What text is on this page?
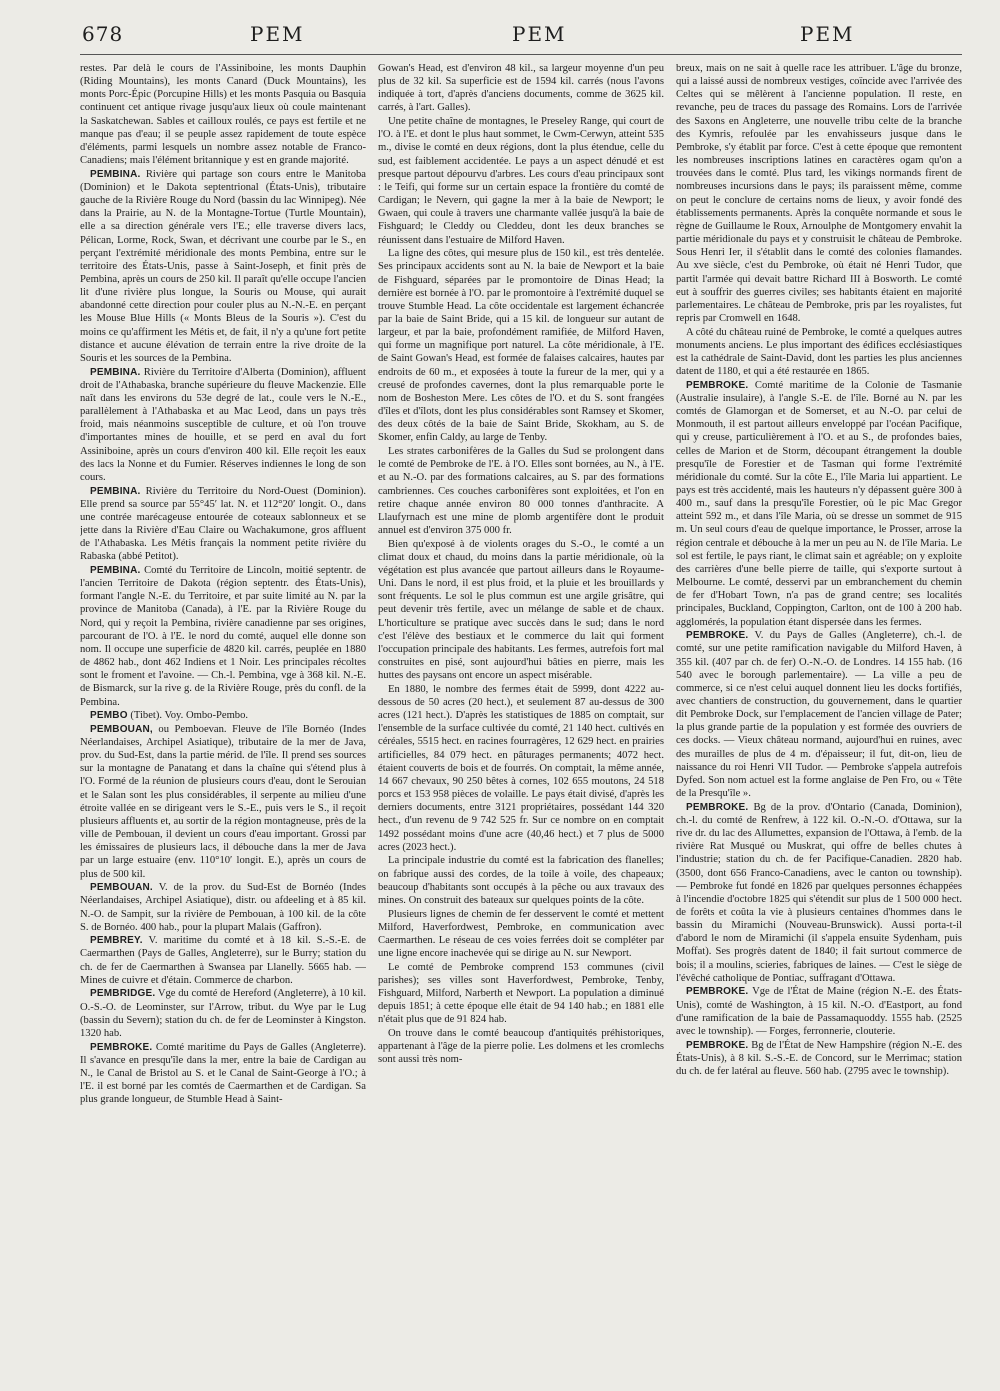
678	PEM	PEM	PEM

restes. Par delà le cours de l'Assiniboine, les monts Dauphin (Riding Mountains), les monts Canard (Duck Mountains), les monts Porc-Épic (Porcupine Hills) et les monts Pasquia ou Basquia continuent cet antique rivage jusqu'aux lieux où coule maintenant la Saskatchewan. Sables et cailloux roulés, ce pays est fertile et ne manque pas d'eau; il se peuple assez rapidement de toute espèce d'éléments, parmi lesquels un nombre assez notable de Franco-Canadiens; mais l'élément britannique y est en grande majorité.

PEMBINA. Rivière qui partage son cours entre le Manitoba (Dominion) et le Dakota septentrional (États-Unis), tributaire gauche de la Rivière Rouge du Nord (bassin du lac Winnipeg). Née dans la Prairie, au N. de la Montagne-Tortue (Turtle Mountain), elle a sa direction générale vers l'E.; elle traverse divers lacs, Pélican, Lorme, Rock, Swan, et décrivant une courbe par le S., en perçant l'extrémité méridionale des monts Pembina, entre sur le territoire des États-Unis, passe à Saint-Joseph, et finit près de Pembina, après un cours de 250 kil. Il paraît qu'elle occupe l'ancien lit d'une rivière plus longue, la Souris ou Mouse, qui aurait abandonné cette direction pour couler plus au N.-N.-E. en perçant les Mouse Blue Hills (« Monts Bleus de la Souris »). C'est du moins ce qu'affirment les Métis et, de fait, il n'y a qu'une fort petite distance et aucune élévation de terrain entre la rive droite de la Souris et les sources de la Pembina.

PEMBINA. Rivière du Territoire d'Alberta (Dominion), affluent droit de l'Athabaska, branche supérieure du fleuve Mackenzie. Elle naît dans les environs du 53e degré de lat., coule vers le N.-E., parallèlement à l'Athabaska et au Mac Leod, dans un pays très froid, mais néanmoins susceptible de culture, et où l'on trouve d'importantes mines de houille, et se perd en aval du fort Assiniboine, après un cours d'environ 400 kil. Elle reçoit les eaux des lacs la Nonne et du Fumier. Réserves indiennes le long de son cours.

PEMBINA. Rivière du Territoire du Nord-Ouest (Dominion). Elle prend sa source par 55°45′ lat. N. et 112°20′ longit. O., dans une contrée marécageuse entourée de coteaux sablonneux et se jette dans la Rivière d'Eau Claire ou Wachakumone, gros affluent de l'Athabaska. Les Métis français la nomment petite rivière du Rabaska (abbé Petitot).

PEMBINA. Comté du Territoire de Lincoln, moitié septentr. de l'ancien Territoire de Dakota (région septentr. des États-Unis), formant l'angle N.-E. du Territoire, et par suite limité au N. par la province de Manitoba (Canada), à l'E. par la Rivière Rouge du Nord, qui y reçoit la Pembina, rivière canadienne par ses origines, parcourant de l'O. à l'E. le nord du comté, auquel elle donne son nom. Il occupe une superficie de 4820 kil. carrés, peuplée en 1880 de 4862 hab., dont 462 Indiens et 1 Noir. Les principales récoltes sont le froment et l'avoine. — Ch.-l. Pembina, vge à 368 kil. N.-E. de Bismarck, sur la rive g. de la Rivière Rouge, près du confl. de la Pembina.

PEMBO (Tibet). Voy. Ombo-Pembo.

PEMBOUAN, ou Pemboevan. Fleuve de l'île Bornéo (Indes Néerlandaises, Archipel Asiatique), tributaire de la mer de Java, prov. du Sud-Est, dans la partie mérid. de l'île. Il prend ses sources sur la montagne de Panatang et dans la chaîne qui s'étend plus à l'O. Formé de la réunion de plusieurs cours d'eau, dont le Serouian et le Salan sont les plus considérables, il serpente au milieu d'une étroite vallée en se dirigeant vers le S.-E., puis vers le S., il reçoit plusieurs affluents et, au sortir de la région montagneuse, près de la ville de Pembouan, il devient un cours d'eau important. Grossi par les émissaires de plusieurs lacs, il débouche dans la mer de Java par un large estuaire (env. 110°10′ longit. E.), après un cours de plus de 500 kil.

PEMBOUAN. V. de la prov. du Sud-Est de Bornéo (Indes Néerlandaises, Archipel Asiatique), distr. ou afdeeling et à 85 kil. N.-O. de Sampit, sur la rivière de Pembouan, à 100 kil. de la côte S. de Bornéo. 400 hab., pour la plupart Malais (Gaffron).

PEMBREY. V. maritime du comté et à 18 kil. S.-S.-E. de Caermarthen (Pays de Galles, Angleterre), sur le Burry; station du ch. de fer de Caermarthen à Swansea par Llanelly. 5665 hab. — Mines de cuivre et d'étain. Commerce de charbon.

PEMBRIDGE. Vge du comté de Hereford (Angleterre), à 10 kil. O.-S.-O. de Leominster, sur l'Arrow, tribut. du Wye par le Lug (bassin du Severn); station du ch. de fer de Leominster à Kingston. 1320 hab.

PEMBROKE. Comté maritime du Pays de Galles (Angleterre). Il s'avance en presqu'île dans la mer, entre la baie de Cardigan au N., le Canal de Bristol au S. et le Canal de Saint-George à l'O.; à l'E. il est borné par les comtés de Caermarthen et de Cardigan. Sa plus grande longueur, de Stumble Head à Saint-

Gowan's Head, est d'environ 48 kil., sa largeur moyenne d'un peu plus de 32 kil. Sa superficie est de 1594 kil. carrés (nous l'avons indiquée à tort, d'après d'anciens documents, comme de 3625 kil. carrés, à l'art. Galles).

Une petite chaîne de montagnes, le Preseley Range, qui court de l'O. à l'E. et dont le plus haut sommet, le Cwm-Cerwyn, atteint 535 m., divise le comté en deux régions, dont la plus étendue, celle du sud, est faiblement accidentée. Le pays a un aspect dénudé et est presque partout dépourvu d'arbres. Les cours d'eau principaux sont : le Teifi, qui forme sur un certain espace la frontière du comté de Cardigan; le Nevern, qui gagne la mer à la baie de Newport; le Gwaen, qui coule à travers une charmante vallée jusqu'à la baie de Fishguard; le Cleddy ou Cleddeu, dont les deux branches se réunissent dans l'estuaire de Milford Haven.

La ligne des côtes, qui mesure plus de 150 kil., est très dentelée. Ses principaux accidents sont au N. la baie de Newport et la baie de Fishguard, séparées par le promontoire de Dinas Head; la dernière est bornée à l'O. par le promontoire à l'extrémité duquel se trouve Stumble Head. La côte occidentale est largement échancrée par la baie de Saint Bride, qui a 15 kil. de longueur sur autant de largeur, et par la baie, profondément ramifiée, de Milford Haven, qui forme un magnifique port naturel. La côte méridionale, à l'E. de Saint Gowan's Head, est formée de falaises calcaires, hautes par endroits de 60 m., et exposées à toute la fureur de la mer, qui y a creusé de profondes cavernes, dont la plus remarquable porte le nom de Bosheston Mere. Les côtes de l'O. et du S. sont frangées d'îles et d'îlots, dont les plus considérables sont Ramsey et Skomer, des deux côtés de la baie de Saint Bride, Skokham, au S. de Skomer, enfin Caldy, au large de Tenby.

Les strates carbonifères de la Galles du Sud se prolongent dans le comté de Pembroke de l'E. à l'O. Elles sont bornées, au N., à l'E. et au N.-O. par des formations calcaires, au S. par des formations cambriennes. Ces couches carbonifères sont exploitées, et l'on en retire chaque année environ 80 000 tonnes d'anthracite. A Llaufyrnach est une mine de plomb argentifère dont le produit annuel est d'environ 375 000 fr.

Bien qu'exposé à de violents orages du S.-O., le comté a un climat doux et chaud, du moins dans la partie méridionale, où la végétation est plus avancée que partout ailleurs dans le Royaume-Uni. Dans le nord, il est plus froid, et la pluie et les brouillards y sont fréquents. Le sol le plus commun est une argile grisâtre, qui peut devenir très fertile, avec un mélange de sable et de chaux. L'horticulture se pratique avec succès dans le sud; dans le nord c'est l'élève des bestiaux et le commerce du lait qui forment l'occupation principale des habitants. Les fermes, autrefois fort mal construites en pisé, sont aujourd'hui bâties en pierre, mais les huttes des paysans ont encore un aspect misérable.

En 1880, le nombre des fermes était de 5999, dont 4222 au-dessous de 50 acres (20 hect.), et seulement 87 au-dessus de 300 acres (121 hect.). D'après les statistiques de 1885 on comptait, sur l'ensemble de la surface cultivée du comté, 21 140 hect. cultivés en céréales, 5515 hect. en racines fourragères, 12 629 hect. en prairies artificielles, 84 079 hect. en pâturages permanents; 4072 hect. étaient couverts de bois et de fourrés. On comptait, la même année, 14 667 chevaux, 90 250 bêtes à cornes, 102 655 moutons, 24 518 porcs et 153 958 pièces de volaille. Le pays était divisé, d'après les derniers documents, entre 3121 propriétaires, possédant 144 320 hect., d'un revenu de 9 742 525 fr. Sur ce nombre on en comptait 1492 possédant moins d'une acre (40,46 hect.) et 7 plus de 5000 acres (2023 hect.).

La principale industrie du comté est la fabrication des flanelles; on fabrique aussi des cordes, de la toile à voile, des chapeaux; beaucoup d'habitants sont occupés à la pêche ou aux travaux des mines. On construit des bateaux sur quelques points de la côte.

Plusieurs lignes de chemin de fer desservent le comté et mettent Milford, Haverfordwest, Pembroke, en communication avec Caermarthen. Le réseau de ces voies ferrées doit se compléter par une ligne encore inachevée qui se dirige au N. sur Newport.

Le comté de Pembroke comprend 153 communes (civil parishes); ses villes sont Haverfordwest, Pembroke, Tenby, Fishguard, Milford, Narberth et Newport. La population a diminué depuis 1851; à cette époque elle était de 94 140 hab.; en 1881 elle n'était plus que de 91 824 hab.

On trouve dans le comté beaucoup d'antiquités préhistoriques, appartenant à l'âge de la pierre polie. Les dolmens et les cromlechs sont aussi très nom-

breux, mais on ne sait à quelle race les attribuer. L'âge du bronze, qui a laissé aussi de nombreux vestiges, coïncide avec l'arrivée des Celtes qui se mêlèrent à l'ancienne population. Il reste, en revanche, peu de traces du passage des Romains. Lors de l'arrivée des Saxons en Angleterre, une nouvelle tribu celte de la branche des Kymris, refoulée par les envahisseurs jusque dans le Pembroke, s'y établit par force. C'est à cette époque que remontent les nombreuses inscriptions latines en caractères ogam qu'on a trouvées dans le comté. Plus tard, les vikings normands firent de nombreuses incursions dans le pays; ils paraissent même, comme on peut le conclure de certains noms de lieux, y avoir fondé des établissements permanents. Après la conquête normande et sous le règne de Guillaume le Roux, Arnoulphe de Montgomery envahit la partie méridionale du pays et y construisit le château de Pembroke. Sous Henri Ier, il s'établit dans le comté des colonies flamandes. Au xve siècle, c'est du Pembroke, où était né Henri Tudor, que partit l'armée qui devait battre Richard III à Bosworth. Le comté eut à souffrir des guerres civiles; ses habitants étaient en majorité parlementaires. Le château de Pembroke, pris par les royalistes, fut repris par Cromwell en 1648.

A côté du château ruiné de Pembroke, le comté a quelques autres monuments anciens. Le plus important des édifices ecclésiastiques est la cathédrale de Saint-David, dont les parties les plus anciennes datent de 1180, et qui a été restaurée en 1865.

PEMBROKE. Comté maritime de la Colonie de Tasmanie (Australie insulaire), à l'angle S.-E. de l'île. Borné au N. par les comtés de Glamorgan et de Somerset, et au N.-O. par celui de Monmouth, il est partout ailleurs enveloppé par l'océan Pacifique, qui y creuse, particulièrement à l'O. et au S., de profondes baies, celles de Marion et de Storm, découpant étrangement la double presqu'île de Forestier et de Tasman qui forme l'extrémité méridionale du comté. Sur la côte E., l'île Maria lui appartient. Le pays est très accidenté, mais les hauteurs n'y dépassent guère 300 à 400 m., sauf dans la presqu'île Forestier, où le pic Mac Gregor atteint 592 m., et dans l'île Maria, où se dresse un sommet de 915 m. Un seul cours d'eau de quelque importance, le Prosser, arrose la région centrale et débouche à la mer un peu au N. de l'île Maria. Le sol est fertile, le pays riant, le climat sain et agréable; on y exploite des carrières d'une belle pierre de taille, qui s'exporte surtout à Melbourne. Le comté, desservi par un embranchement du chemin de fer d'Hobart Town, n'a pas de grand centre; ses localités principales, Buckland, Coppington, Carlton, ont de 100 à 200 hab. agglomérés, la population étant dispersée dans les fermes.

PEMBROKE. V. du Pays de Galles (Angleterre), ch.-l. de comté, sur une petite ramification navigable du Milford Haven, à 355 kil. (407 par ch. de fer) O.-N.-O. de Londres. 14 155 hab. (16 540 avec le borough parlementaire). — La ville a peu de commerce, si ce n'est celui auquel donnent lieu les docks fortifiés, avec chantiers de construction, du gouvernement, dans le quartier dit Pembroke Dock, sur l'emplacement de l'ancien village de Pater; la plus grande partie de la population y est formée des ouvriers de ces docks. — Vieux château normand, aujourd'hui en ruines, avec des murailles de plus de 4 m. d'épaisseur; il fut, dit-on, lieu de naissance du roi Henri VII Tudor. — Pembroke s'appela autrefois Dyfed. Son nom actuel est la forme anglaise de Pen Fro, ou « Tête de la Presqu'île ».

PEMBROKE. Bg de la prov. d'Ontario (Canada, Dominion), ch.-l. du comté de Renfrew, à 122 kil. O.-N.-O. d'Ottawa, sur la rive dr. du lac des Allumettes, expansion de l'Ottawa, à l'emb. de la rivière Rat Musqué ou Muskrat, qui offre de belles chutes à l'industrie; station du ch. de fer Pacifique-Canadien. 2820 hab. (3500, dont 656 Franco-Canadiens, avec le canton ou township). — Pembroke fut fondé en 1826 par quelques personnes échappées à l'incendie d'octobre 1825 qui s'étendit sur plus de 1 500 000 hect. de forêts et coûta la vie à plusieurs centaines d'hommes dans le bassin du Miramichi (Nouveau-Brunswick). Aussi porta-t-il d'abord le nom de Miramichi (il s'appela ensuite Sydenham, puis Moffat). Ses progrès datent de 1840; il fait surtout commerce de bois; il a moulins, scieries, fabriques de laines. — C'est le siège de l'évêché catholique de Pontiac, suffragant d'Ottawa.

PEMBROKE. Vge de l'État de Maine (région N.-E. des États-Unis), comté de Washington, à 15 kil. N.-O. d'Eastport, au fond d'une ramification de la baie de Passamaquoddy. 1555 hab. (2525 avec le township). — Forges, ferronnerie, clouterie.

PEMBROKE. Bg de l'État de New Hampshire (région N.-E. des États-Unis), à 8 kil. S.-S.-E. de Concord, sur le Merrimac; station du ch. de fer latéral au fleuve. 560 hab. (2795 avec le township).
